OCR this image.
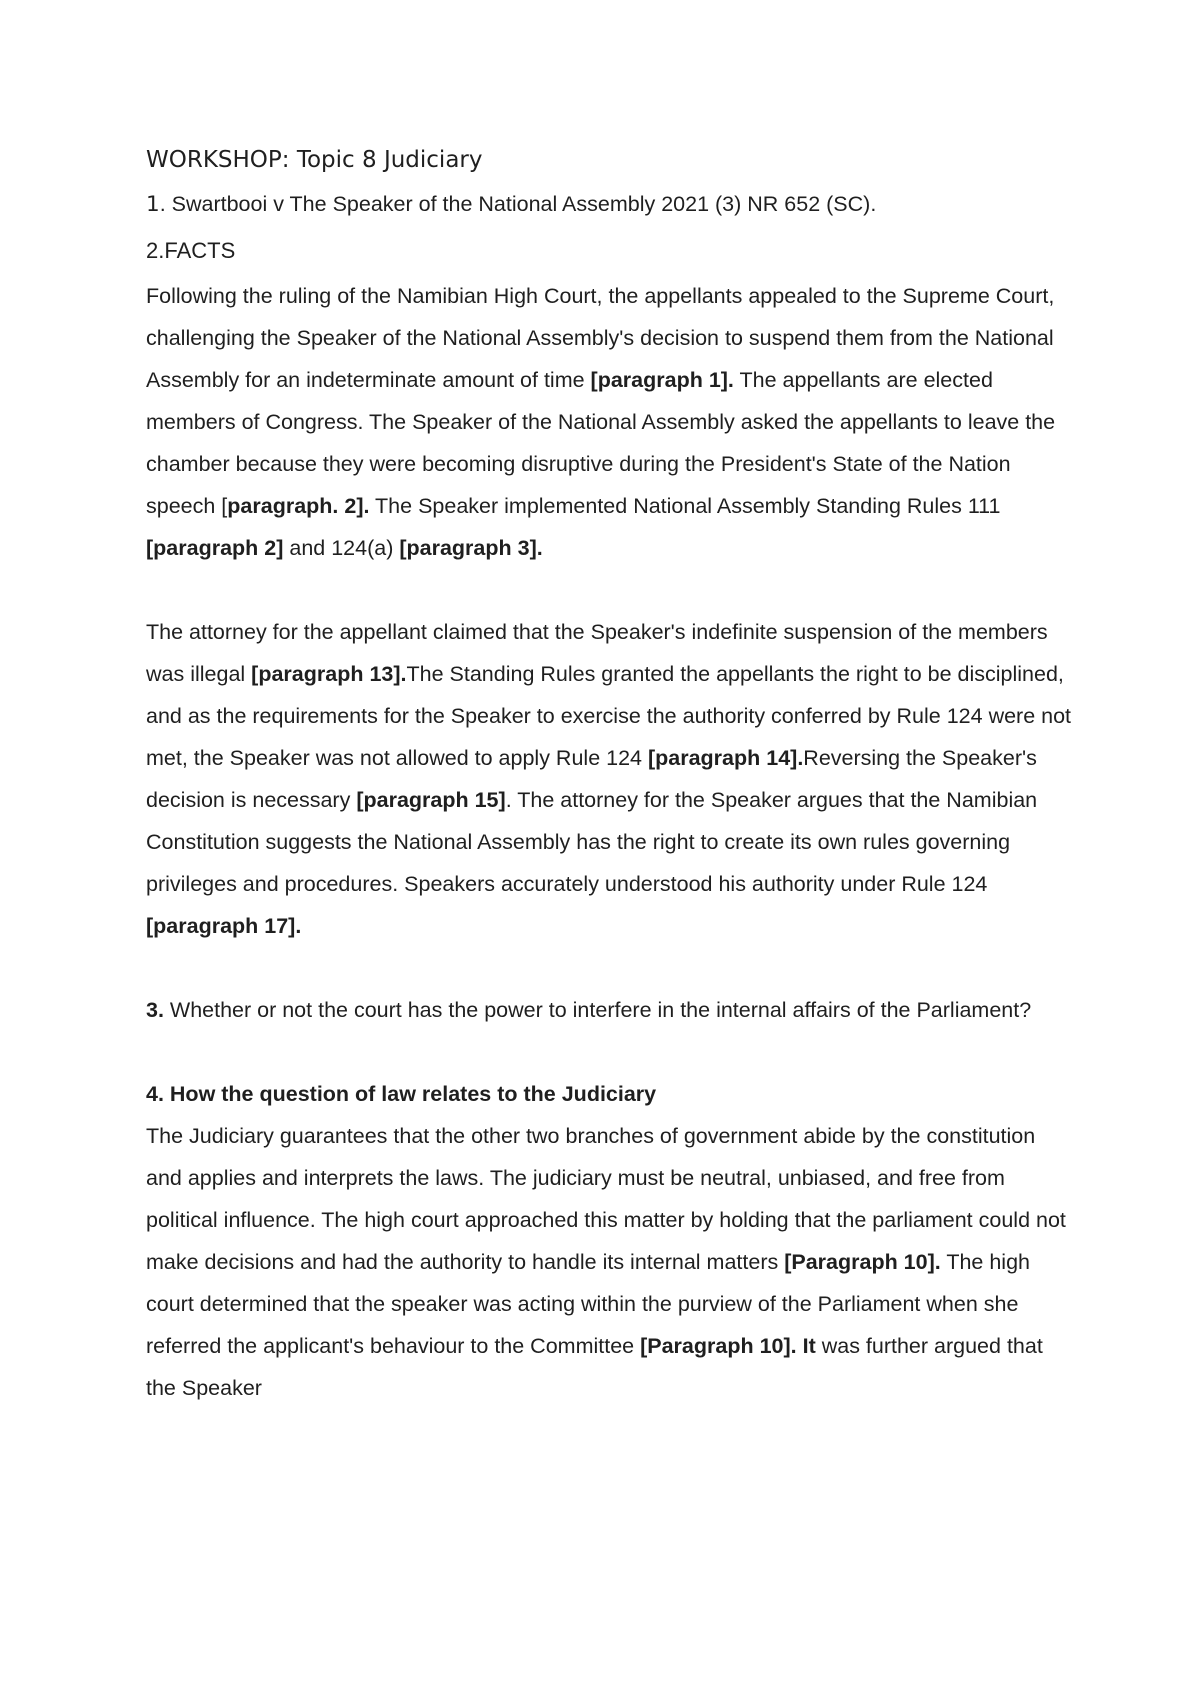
WORKSHOP: Topic 8 Judiciary

1. Swartbooi v The Speaker of the National Assembly 2021 (3) NR 652 (SC).

2.FACTS

Following the ruling of the Namibian High Court, the appellants appealed to the Supreme Court, challenging the Speaker of the National Assembly's decision to suspend them from the National Assembly for an indeterminate amount of time [paragraph 1]. The appellants are elected members of Congress. The Speaker of the National Assembly asked the appellants to leave the chamber because they were becoming disruptive during the President's State of the Nation speech [paragraph. 2]. The Speaker implemented National Assembly Standing Rules 111 [paragraph 2] and 124(a) [paragraph 3].

The attorney for the appellant claimed that the Speaker's indefinite suspension of the members was illegal [paragraph 13].The Standing Rules granted the appellants the right to be disciplined, and as the requirements for the Speaker to exercise the authority conferred by Rule 124 were not met, the Speaker was not allowed to apply Rule 124 [paragraph 14].Reversing the Speaker's decision is necessary [paragraph 15]. The attorney for the Speaker argues that the Namibian Constitution suggests the National Assembly has the right to create its own rules governing privileges and procedures. Speakers accurately understood his authority under Rule 124 [paragraph 17].

3. Whether or not the court has the power to interfere in the internal affairs of the Parliament?

4. How the question of law relates to the Judiciary

The Judiciary guarantees that the other two branches of government abide by the constitution and applies and interprets the laws. The judiciary must be neutral, unbiased, and free from political influence. The high court approached this matter by holding that the parliament could not make decisions and had the authority to handle its internal matters [Paragraph 10]. The high court determined that the speaker was acting within the purview of the Parliament when she referred the applicant's behaviour to the Committee [Paragraph 10]. It was further argued that the Speaker
